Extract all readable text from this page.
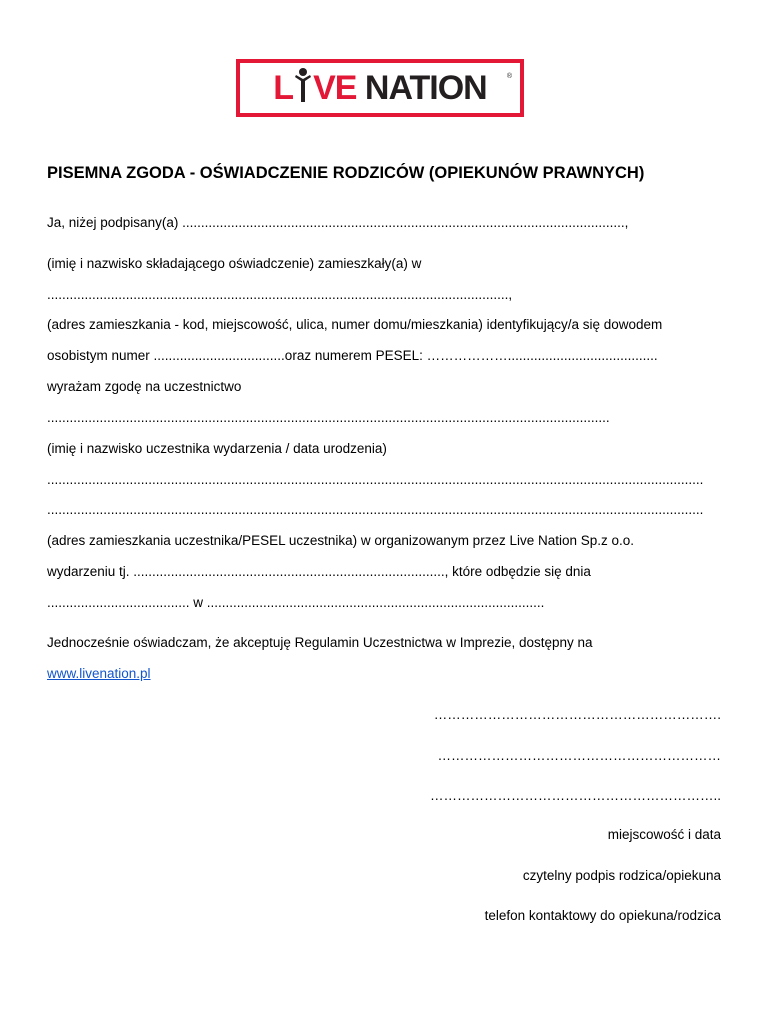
L VE NATION	®
PISEMNA ZGODA - OŚWIADCZENIE RODZICÓW (OPIEKUNÓW PRAWNYCH)
Ja, niżej podpisany(a) ......................................................................................................................,
(imię i nazwisko składającego oświadczenie) zamieszkały(a) w
...........................................................................................................................,
(adres zamieszkania - kod, miejscowość, ulica, numer domu/mieszkania) identyfikujący/a się dowodem
osobistym numer ...................................oraz numerem PESEL: ………………........................................
wyrażam zgodę na uczestnictwo
......................................................................................................................................................
(imię i nazwisko uczestnika wydarzenia / data urodzenia)
...............................................................................................................................................................................
...............................................................................................................................................................................
(adres zamieszkania uczestnika/PESEL uczestnika) w organizowanym przez Live Nation Sp.z o.o.
wydarzeniu tj. ..................................................................................., które odbędzie się dnia
...................................... w ..........................................................................................
Jednocześnie oświadczam, że akceptuję Regulamin Uczestnictwa w Imprezie, dostępny na
www.livenation.pl
……………………………………………………….
………………………………………………………
………………………………………………………..
miejscowość i data
czytelny podpis rodzica/opiekuna
telefon kontaktowy do opiekuna/rodzica
